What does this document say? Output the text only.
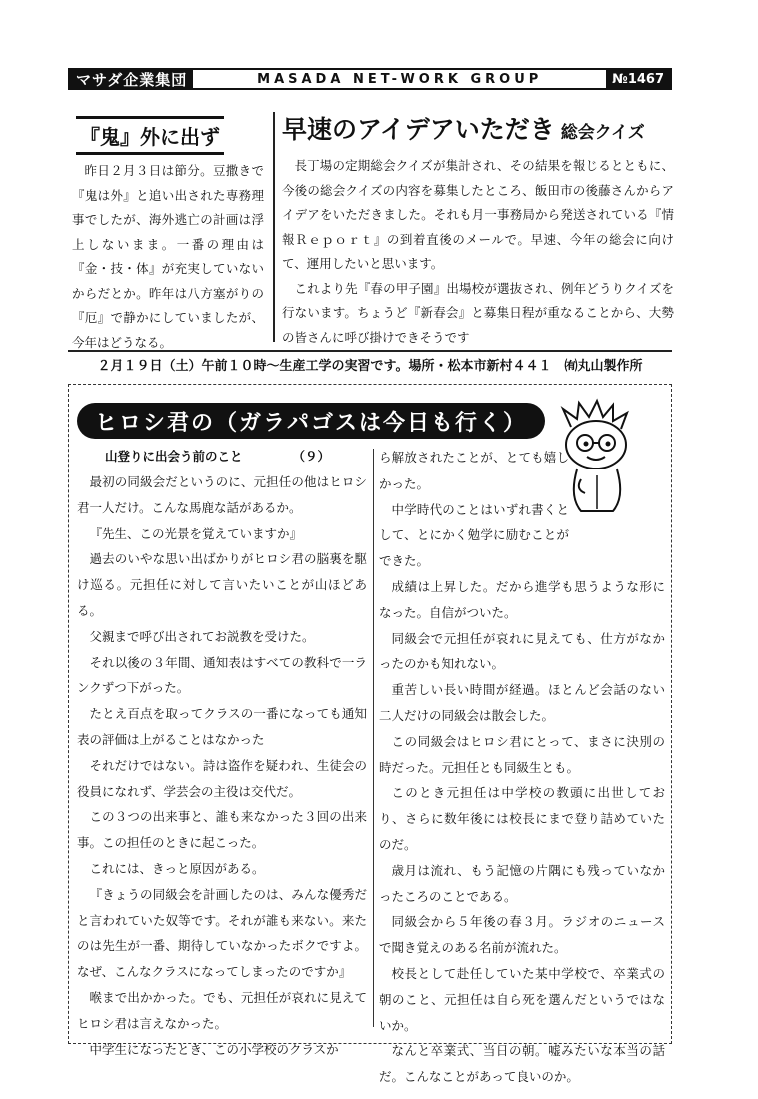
マサダ企業集団	MASADA NET-WORK GROUP	№1467
『鬼』外に出ず

昨日２月３日は節分。豆撒きで『鬼は外』と追い出された専務理事でしたが、海外逃亡の計画は浮上しないまま。一番の理由は『金・技・体』が充実していないからだとか。昨年は八方塞がりの『厄』で静かにしていましたが、今年はどうなる。

早速のアイデアいただき 総会クイズ

長丁場の定期総会クイズが集計され、その結果を報じるとともに、今後の総会クイズの内容を募集したところ、飯田市の後藤さんからアイデアをいただきました。それも月一事務局から発送されている『情報Ｒｅｐｏｒｔ』の到着直後のメールで。早速、今年の総会に向けて、運用したいと思います。

これより先『春の甲子園』出場校が選抜され、例年どうりクイズを行ないます。ちょうど『新春会』と募集日程が重なることから、大勢の皆さんに呼び掛けできそうです

２月１９日（土）午前１０時～生産工学の実習です。場所・松本市新村４４１　㈲丸山製作所
ヒロシ君の（ガラパゴスは今日も行く）
山登りに出会う前のこと	（９）

最初の同級会だというのに、元担任の他はヒロシ君一人だけ。こんな馬鹿な話があるか。

『先生、この光景を覚えていますか』

過去のいやな思い出ばかりがヒロシ君の脳裏を駆け巡る。元担任に対して言いたいことが山ほどある。

父親まで呼び出されてお説教を受けた。

それ以後の３年間、通知表はすべての教科で一ランクずつ下がった。

たとえ百点を取ってクラスの一番になっても通知表の評価は上がることはなかった

それだけではない。詩は盗作を疑われ、生徒会の役員になれず、学芸会の主役は交代だ。

この３つの出来事と、誰も来なかった３回の出来事。この担任のときに起こった。

これには、きっと原因がある。

『きょうの同級会を計画したのは、みんな優秀だと言われていた奴等です。それが誰も来ない。来たのは先生が一番、期待していなかったボクですよ。なぜ、こんなクラスになってしまったのですか』

喉まで出かかった。でも、元担任が哀れに見えてヒロシ君は言えなかった。

中学生になったとき、この小学校のクラスか

ら解放されたことが、とても嬉しかった。

中学時代のことはいずれ書くとして、とにかく勉学に励むことができた。

成績は上昇した。だから進学も思うような形になった。自信がついた。

同級会で元担任が哀れに見えても、仕方がなかったのかも知れない。

重苦しい長い時間が経過。ほとんど会話のない二人だけの同級会は散会した。

この同級会はヒロシ君にとって、まさに決別の時だった。元担任とも同級生とも。

このとき元担任は中学校の教頭に出世しており、さらに数年後には校長にまで登り詰めていたのだ。

歳月は流れ、もう記憶の片隅にも残っていなかったころのことである。

同級会から５年後の春３月。ラジオのニュースで聞き覚えのある名前が流れた。

校長として赴任していた某中学校で、卒業式の朝のこと、元担任は自ら死を選んだというではないか。

なんと卒業式、当日の朝。嘘みたいな本当の話だ。こんなことがあって良いのか。
